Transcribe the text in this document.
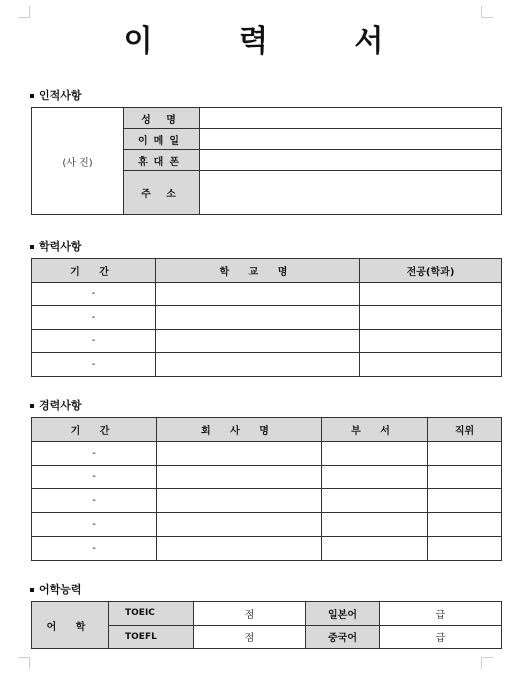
이 력 서
인적사항
(사 진)	성 명	
	이메일	
	휴대폰	
	주 소	
학력사항
기 간	학 교 명	전공(학과)
-		
-		
-		
-		
경력사항
기 간	회 사 명	부 서	직위
-			
-			
-			
-			
-			
어학능력
어 학	TOEIC	점	일본어	급
	TOEFL	점	중국어	급
